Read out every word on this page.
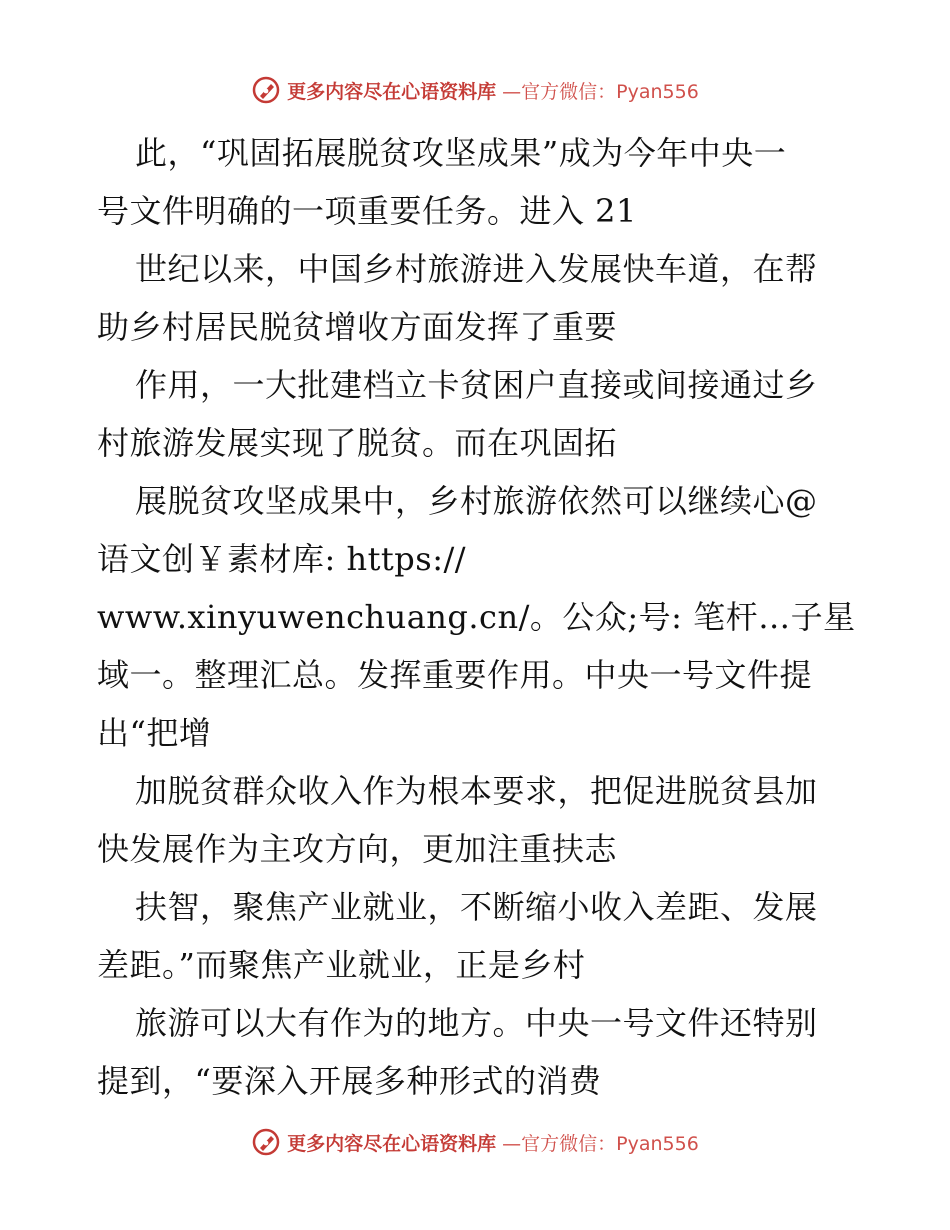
更多内容尽在心语资料库 —官方微信：Pyan556
此，“巩固拓展脱贫攻坚成果”成为今年中央一
号文件明确的一项重要任务。进入 21
世纪以来，中国乡村旅游进入发展快车道，在帮
助乡村居民脱贫增收方面发挥了重要
作用，一大批建档立卡贫困户直接或间接通过乡
村旅游发展实现了脱贫。而在巩固拓
展脱贫攻坚成果中，乡村旅游依然可以继续心@
语文创￥素材库: https://
www.xinyuwenchuang.cn/。公众;号: 笔杆…子星
域一。整理汇总。发挥重要作用。中央一号文件提
出“把增
加脱贫群众收入作为根本要求，把促进脱贫县加
快发展作为主攻方向，更加注重扶志
扶智，聚焦产业就业，不断缩小收入差距、发展
差距。”而聚焦产业就业，正是乡村
旅游可以大有作为的地方。中央一号文件还特别
提到，“要深入开展多种形式的消费
更多内容尽在心语资料库 —官方微信：Pyan556
